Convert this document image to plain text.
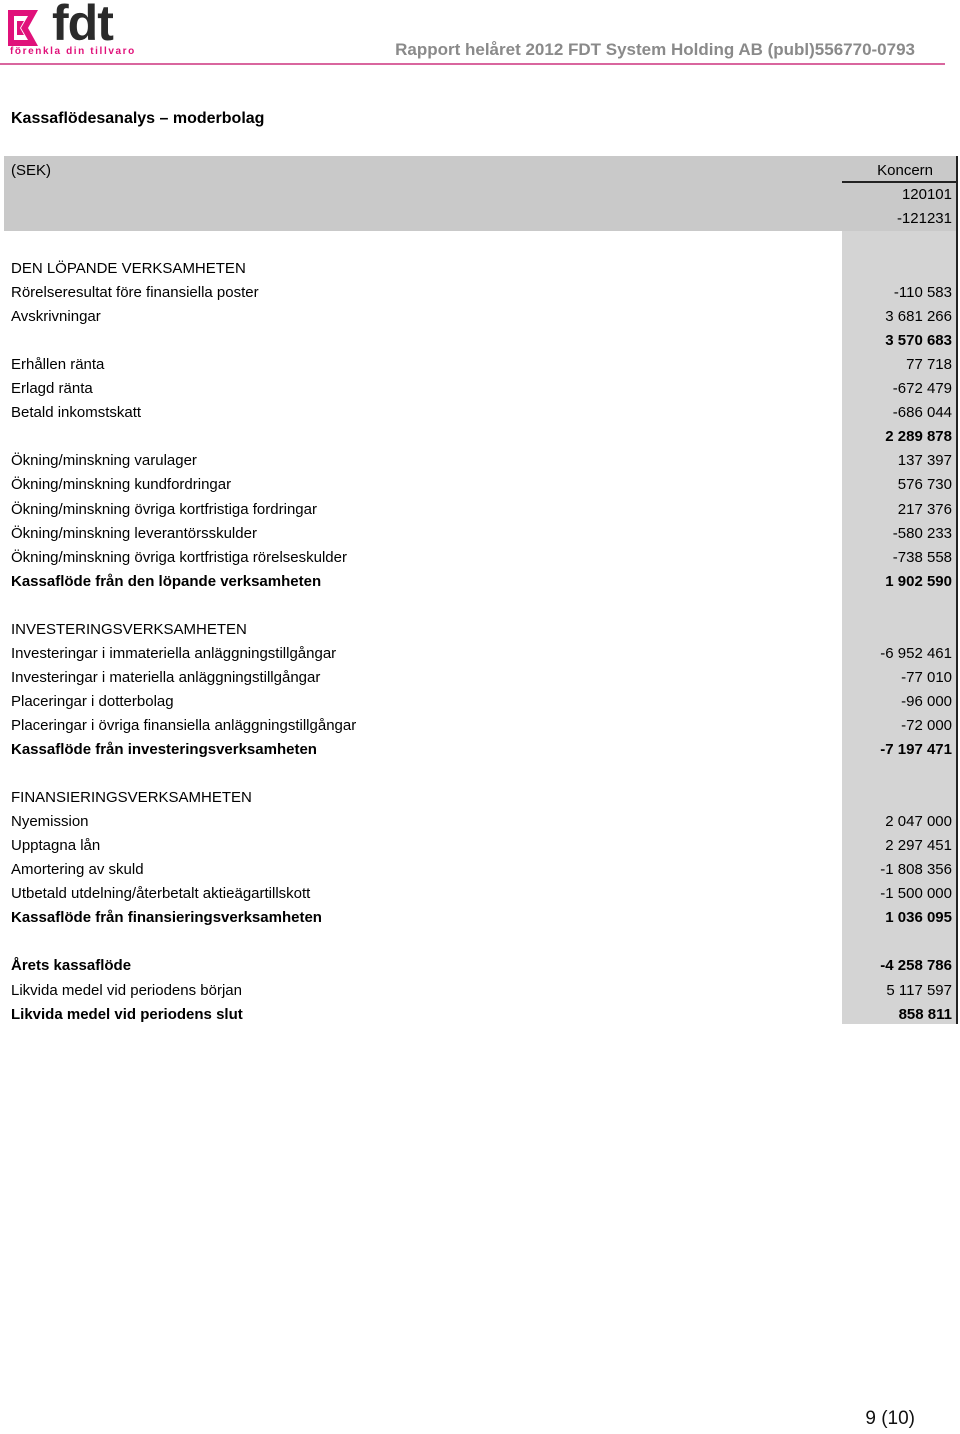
fdt
förenkla din tillvaro	Rapport helåret 2012 FDT System Holding AB (publ)556770-0793
Kassaflödesanalys – moderbolag
(SEK)	Koncern
120101
-121231
DEN LÖPANDE VERKSAMHETEN
Rörelseresultat före finansiella poster	-110 583
Avskrivningar	3 681 266
3 570 683
Erhållen ränta	77 718
Erlagd ränta	-672 479
Betald inkomstskatt	-686 044
2 289 878
Ökning/minskning varulager	137 397
Ökning/minskning kundfordringar	576 730
Ökning/minskning övriga kortfristiga fordringar	217 376
Ökning/minskning leverantörsskulder	-580 233
Ökning/minskning övriga kortfristiga rörelseskulder	-738 558
Kassaflöde från den löpande verksamheten	1 902 590
INVESTERINGSVERKSAMHETEN
Investeringar i immateriella anläggningstillgångar	-6 952 461
Investeringar i materiella anläggningstillgångar	-77 010
Placeringar i dotterbolag	-96 000
Placeringar i övriga finansiella anläggningstillgångar	-72 000
Kassaflöde från investeringsverksamheten	-7 197 471
FINANSIERINGSVERKSAMHETEN
Nyemission	2 047 000
Upptagna lån	2 297 451
Amortering av skuld	-1 808 356
Utbetald utdelning/återbetalt aktieägartillskott	-1 500 000
Kassaflöde från finansieringsverksamheten	1 036 095
Årets kassaflöde	-4 258 786
Likvida medel vid periodens början	5 117 597
Likvida medel vid periodens slut	858 811
9 (10)
